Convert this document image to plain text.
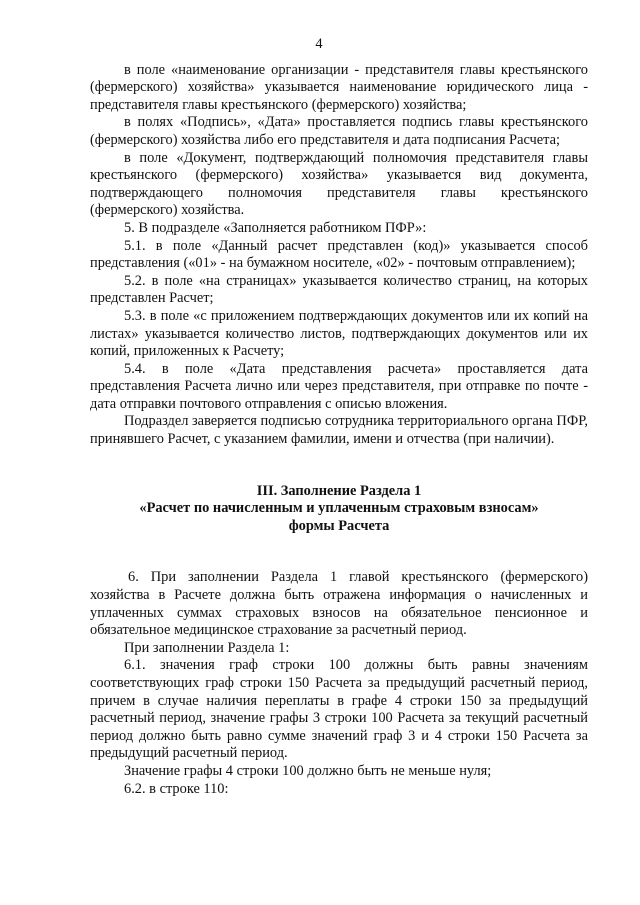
4

в поле «наименование организации - представителя главы крестьянского (фермерского) хозяйства» указывается наименование юридического лица - представителя главы крестьянского (фермерского) хозяйства;

в полях «Подпись», «Дата» проставляется подпись главы крестьянского (фермерского) хозяйства либо его представителя и дата подписания Расчета;

в поле «Документ, подтверждающий полномочия представителя главы крестьянского (фермерского) хозяйства» указывается вид документа, подтверждающего полномочия представителя главы крестьянского (фермерского) хозяйства.

5. В подразделе «Заполняется работником ПФР»:

5.1. в поле «Данный расчет представлен (код)» указывается способ представления («01» - на бумажном носителе, «02» - почтовым отправлением);

5.2. в поле «на страницах» указывается количество страниц, на которых представлен Расчет;

5.3. в поле «с приложением подтверждающих документов или их копий на листах» указывается количество листов, подтверждающих документов или их копий, приложенных к Расчету;

5.4. в поле «Дата представления расчета» проставляется дата представления Расчета лично или через представителя, при отправке по почте - дата отправки почтового отправления с описью вложения.

Подраздел заверяется подписью сотрудника территориального органа ПФР, принявшего Расчет, с указанием фамилии, имени и отчества (при наличии).

III. Заполнение Раздела 1

«Расчет по начисленным и уплаченным страховым взносам»

формы Расчета

6. При заполнении Раздела 1 главой крестьянского (фермерского) хозяйства в Расчете должна быть отражена информация о начисленных и уплаченных суммах страховых взносов на обязательное пенсионное и обязательное медицинское страхование за расчетный период.

При заполнении Раздела 1:

6.1. значения граф строки 100 должны быть равны значениям соответствующих граф строки 150 Расчета за предыдущий расчетный период, причем в случае наличия переплаты в графе 4 строки 150 за предыдущий расчетный период, значение графы 3 строки 100 Расчета за текущий расчетный период должно быть равно сумме значений граф 3 и 4 строки 150 Расчета за предыдущий расчетный период.

Значение графы 4 строки 100 должно быть не меньше нуля;

6.2. в строке 110:
